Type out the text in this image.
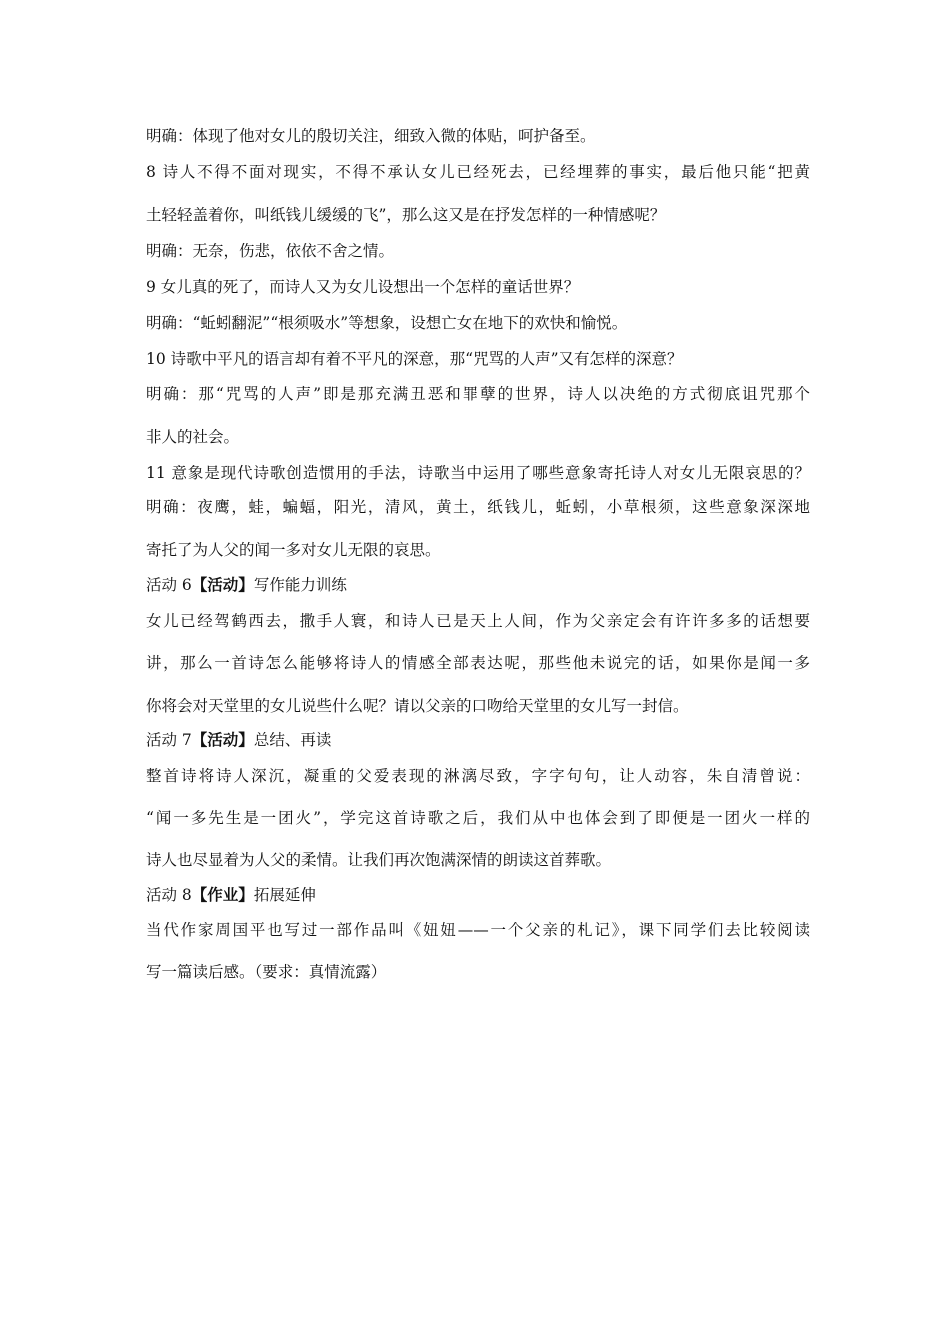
明确：体现了他对女儿的殷切关注，细致入微的体贴，呵护备至。
8 诗人不得不面对现实，不得不承认女儿已经死去，已经埋葬的事实，最后他只能“把黄
土轻轻盖着你，叫纸钱儿缓缓的飞”，那么这又是在抒发怎样的一种情感呢？
明确：无奈，伤悲，依依不舍之情。
9 女儿真的死了，而诗人又为女儿设想出一个怎样的童话世界？
明确：“蚯蚓翻泥”“根须吸水”等想象，设想亡女在地下的欢快和愉悦。
10 诗歌中平凡的语言却有着不平凡的深意，那“咒骂的人声”又有怎样的深意？
明确：那“咒骂的人声”即是那充满丑恶和罪孽的世界，诗人以决绝的方式彻底诅咒那个
非人的社会。
11 意象是现代诗歌创造惯用的手法，诗歌当中运用了哪些意象寄托诗人对女儿无限哀思的？
明确：夜鹰，蛙，蝙蝠，阳光，清风，黄土，纸钱儿，蚯蚓，小草根须，这些意象深深地
寄托了为人父的闻一多对女儿无限的哀思。
活动 6【活动】写作能力训练
女儿已经驾鹤西去，撒手人寰，和诗人已是天上人间，作为父亲定会有许许多多的话想要
讲，那么一首诗怎么能够将诗人的情感全部表达呢，那些他未说完的话，如果你是闻一多
你将会对天堂里的女儿说些什么呢？请以父亲的口吻给天堂里的女儿写一封信。
活动 7【活动】总结、再读
整首诗将诗人深沉，凝重的父爱表现的淋漓尽致，字字句句，让人动容，朱自清曾说：
“闻一多先生是一团火”，学完这首诗歌之后，我们从中也体会到了即便是一团火一样的
诗人也尽显着为人父的柔情。让我们再次饱满深情的朗读这首葬歌。
活动 8【作业】拓展延伸
当代作家周国平也写过一部作品叫《妞妞——一个父亲的札记》，课下同学们去比较阅读
写一篇读后感。（要求：真情流露）
